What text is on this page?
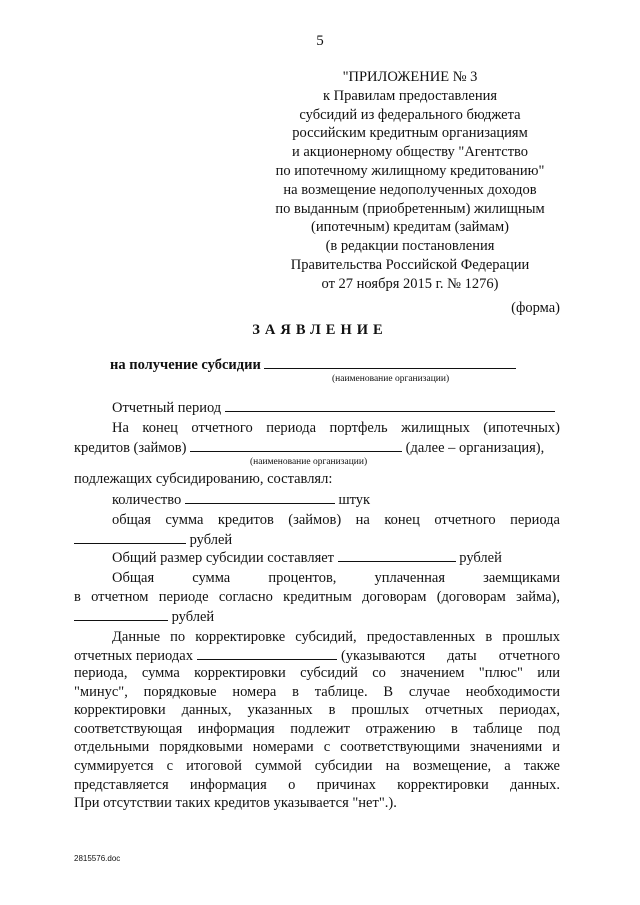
5
"ПРИЛОЖЕНИЕ № 3
к Правилам предоставления
субсидий из федерального бюджета
российским кредитным организациям
и акционерному обществу "Агентство
по ипотечному жилищному кредитованию"
на возмещение недополученных доходов
по выданным (приобретенным) жилищным
(ипотечным) кредитам (займам)
(в редакции постановления
Правительства Российской Федерации
от 27 ноября 2015 г. № 1276)
(форма)
ЗАЯВЛЕНИЕ
на получение субсидии
(наименование организации)
Отчетный период
На конец отчетного периода портфель жилищных (ипотечных)
кредитов (займов)	(далее – организация),
(наименование организации)
подлежащих субсидированию, составлял:
количество	штук
общая сумма кредитов (займов) на конец отчетного периода
рублей
Общий размер субсидии составляет	рублей
Общая сумма процентов, уплаченная заемщиками
в отчетном периоде согласно кредитным договорам (договорам займа),
рублей
Данные по корректировке субсидий, предоставленных в прошлых
отчетных периодах	(указываются даты отчетного
периода, сумма корректировки субсидий со значением "плюс" или
"минус", порядковые номера в таблице. В случае необходимости
корректировки данных, указанных в прошлых отчетных периодах,
соответствующая информация подлежит отражению в таблице под
отдельными порядковыми номерами с соответствующими значениями и
суммируется с итоговой суммой субсидии на возмещение, а также
представляется информация о причинах корректировки данных.
При отсутствии таких кредитов указывается "нет".).
2815576.doc
